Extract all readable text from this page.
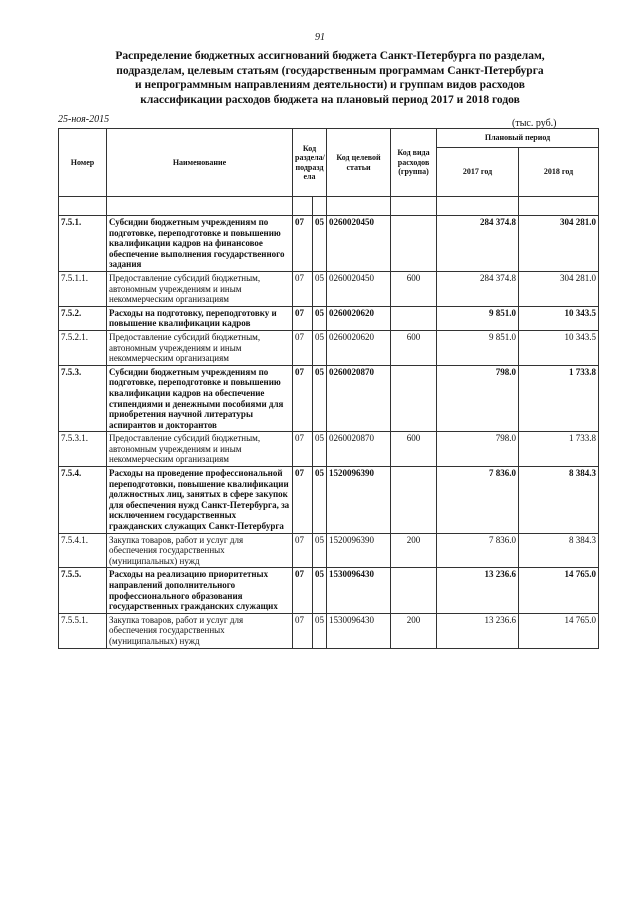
91
Распределение бюджетных ассигнований бюджета Санкт-Петербурга по разделам,
подразделам, целевым статьям (государственным программам Санкт-Петербурга
и непрограммным направлениям деятельности) и группам видов расходов
классификации расходов бюджета на плановый период 2017 и 2018 годов
25-ноя-2015	(тыс. руб.)
Номер	Наименование	Код раздела/ подразд ела		Код целевой статьи	Код вида расходов (группа)	Плановый период	
						2017 год	2018 год

7.5.1.	Субсидии бюджетным учреждениям по подготовке, переподготовке и повышению квалификации кадров на финансовое обеспечение выполнения государственного задания	07	05	0260020450		284 374.8	304 281.0
7.5.1.1.	Предоставление субсидий бюджетным, автономным учреждениям и иным некоммерческим организациям	07	05	0260020450	600	284 374.8	304 281.0
7.5.2.	Расходы на подготовку, переподготовку и повышение квалификации кадров	07	05	0260020620		9 851.0	10 343.5
7.5.2.1.	Предоставление субсидий бюджетным, автономным учреждениям и иным некоммерческим организациям	07	05	0260020620	600	9 851.0	10 343.5
7.5.3.	Субсидии бюджетным учреждениям по подготовке, переподготовке и повышению квалификации кадров на обеспечение стипендиями и денежными пособиями для приобретения научной литературы аспирантов и докторантов	07	05	0260020870		798.0	1 733.8
7.5.3.1.	Предоставление субсидий бюджетным, автономным учреждениям и иным некоммерческим организациям	07	05	0260020870	600	798.0	1 733.8
7.5.4.	Расходы на проведение профессиональной переподготовки, повышение квалификации должностных лиц, занятых в сфере закупок для обеспечения нужд Санкт-Петербурга, за исключением государственных гражданских служащих Санкт-Петербурга	07	05	1520096390		7 836.0	8 384.3
7.5.4.1.	Закупка товаров, работ и услуг для обеспечения государственных (муниципальных) нужд	07	05	1520096390	200	7 836.0	8 384.3
7.5.5.	Расходы на реализацию приоритетных направлений дополнительного профессионального образования государственных гражданских служащих	07	05	1530096430		13 236.6	14 765.0
7.5.5.1.	Закупка товаров, работ и услуг для обеспечения государственных (муниципальных) нужд	07	05	1530096430	200	13 236.6	14 765.0
